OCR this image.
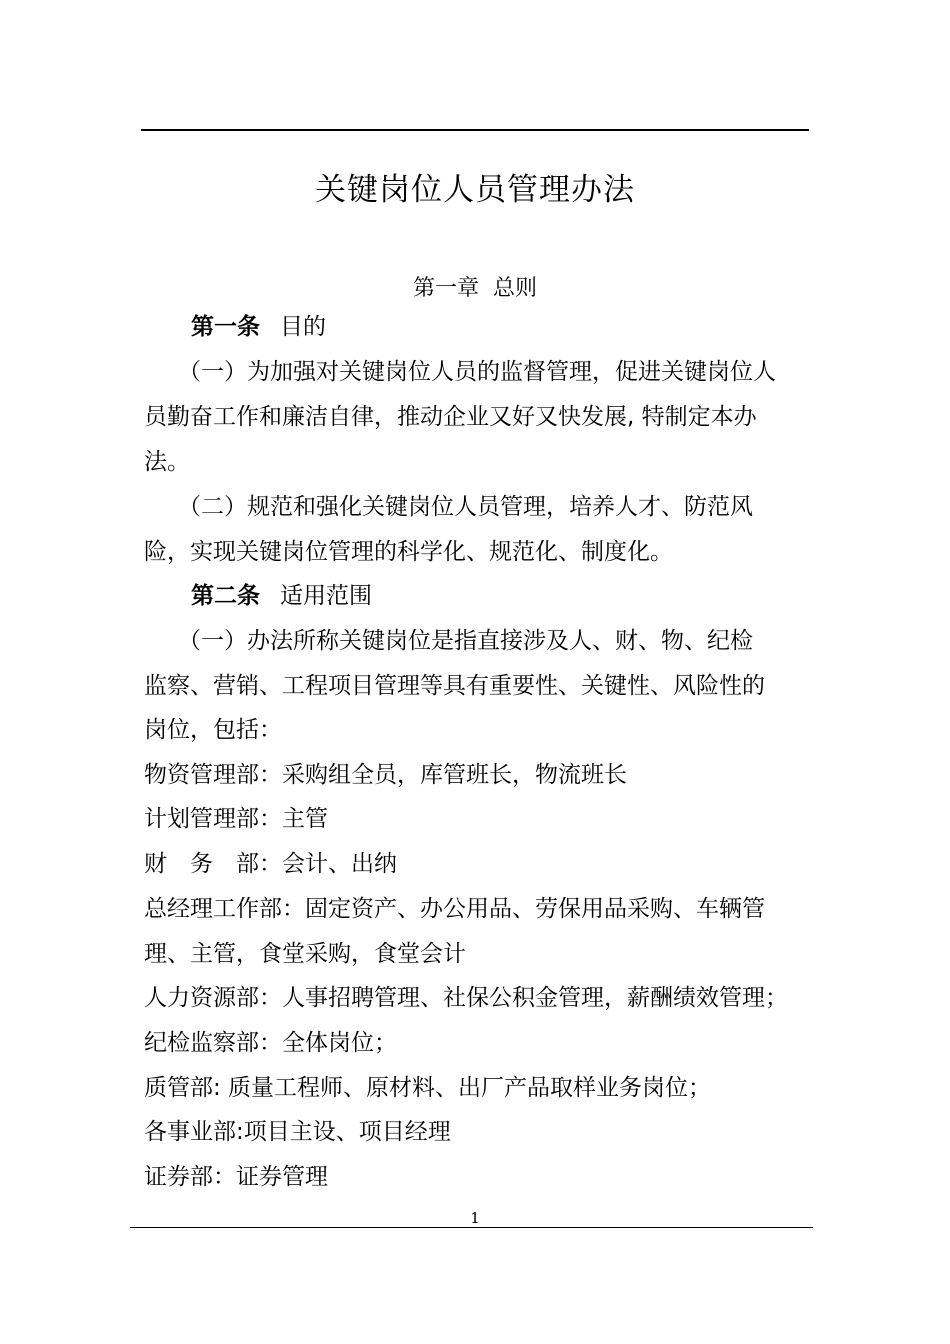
关键岗位人员管理办法
第一章 总则
第一条 目的
（一）为加强对关键岗位人员的监督管理，促进关键岗位人
员勤奋工作和廉洁自律，推动企业又好又快发展, 特制定本办
法。
（二）规范和强化关键岗位人员管理，培养人才、防范风
险，实现关键岗位管理的科学化、规范化、制度化。
第二条 适用范围
（一）办法所称关键岗位是指直接涉及人、财、物、纪检
监察、营销、工程项目管理等具有重要性、关键性、风险性的
岗位，包括：
物资管理部：采购组全员，库管班长，物流班长
计划管理部：主管
财　务　部：会计、出纳
总经理工作部：固定资产、办公用品、劳保用品采购、车辆管
理、主管，食堂采购，食堂会计
人力资源部：人事招聘管理、社保公积金管理，薪酬绩效管理；
纪检监察部：全体岗位；
质管部: 质量工程师、原材料、出厂产品取样业务岗位；
各事业部:项目主设、项目经理
证券部：证券管理
1
